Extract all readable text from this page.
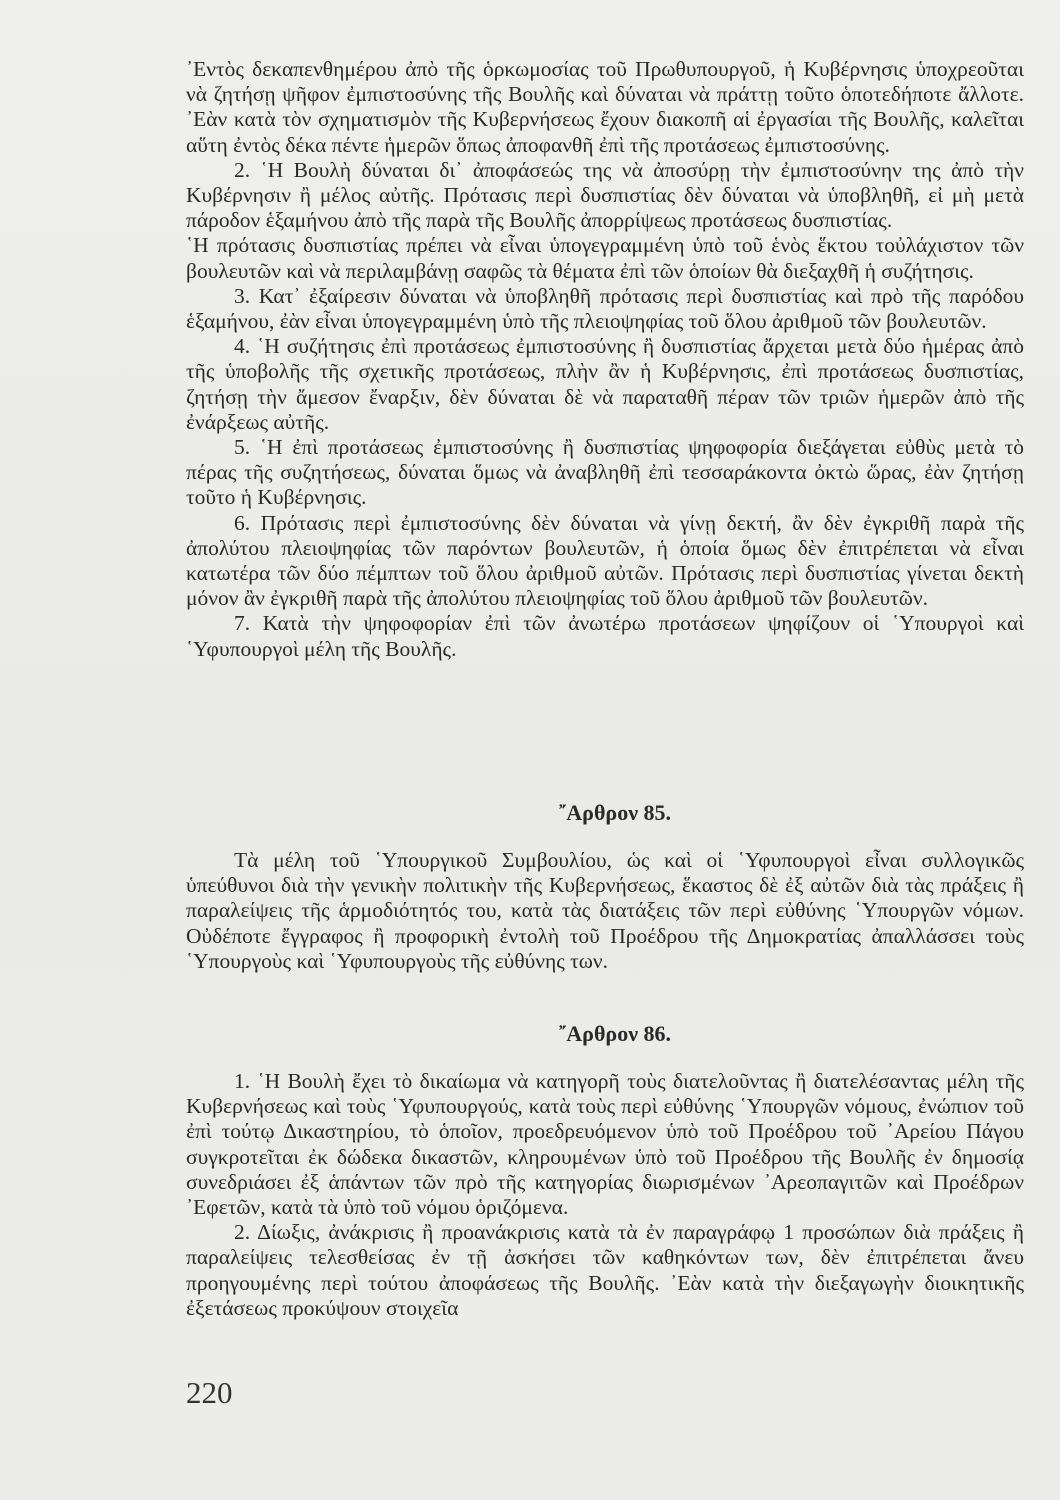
᾿Εντὸς δεκαπενθημέρου ἀπὸ τῆς ὁρκωμοσίας τοῦ Πρωθυπουργοῦ, ἡ Κυβέρνησις ὑποχρεοῦται νὰ ζητήσῃ ψῆφον ἐμπιστοσύνης τῆς Βουλῆς καὶ δύναται νὰ πράττῃ τοῦτο ὁποτεδήποτε ἄλλοτε. ᾿Εὰν κατὰ τὸν σχηματισμὸν τῆς Κυβερνήσεως ἔχουν διακοπῆ αἱ ἐργασίαι τῆς Βουλῆς, καλεῖται αὕτη ἐντὸς δέκα πέντε ἡμερῶν ὅπως ἀποφανθῆ ἐπὶ τῆς προτάσεως ἐμπιστοσύνης.

2. ῾Η Βουλὴ δύναται δι᾿ ἀποφάσεώς της νὰ ἀποσύρῃ τὴν ἐμπιστοσύνην της ἀπὸ τὴν Κυβέρνησιν ἢ μέλος αὐτῆς. Πρότασις περὶ δυσπιστίας δὲν δύναται νὰ ὑποβληθῆ, εἰ μὴ μετὰ πάροδον ἑξαμήνου ἀπὸ τῆς παρὰ τῆς Βουλῆς ἀπορρίψεως προτάσεως δυσπιστίας.

῾Η πρότασις δυσπιστίας πρέπει νὰ εἶναι ὑπογεγραμμένη ὑπὸ τοῦ ἑνὸς ἕκτου τοὐλάχιστον τῶν βουλευτῶν καὶ νὰ περιλαμβάνῃ σαφῶς τὰ θέματα ἐπὶ τῶν ὁποίων θὰ διεξαχθῆ ἡ συζήτησις.

3. Κατ᾿ ἐξαίρεσιν δύναται νὰ ὑποβληθῆ πρότασις περὶ δυσπιστίας καὶ πρὸ τῆς παρόδου ἑξαμήνου, ἐὰν εἶναι ὑπογεγραμμένη ὑπὸ τῆς πλειοψηφίας τοῦ ὅλου ἀριθμοῦ τῶν βουλευτῶν.

4. ῾Η συζήτησις ἐπὶ προτάσεως ἐμπιστοσύνης ἢ δυσπιστίας ἄρχεται μετὰ δύο ἡμέρας ἀπὸ τῆς ὑποβολῆς τῆς σχετικῆς προτάσεως, πλὴν ἂν ἡ Κυβέρνησις, ἐπὶ προτάσεως δυσπιστίας, ζητήσῃ τὴν ἄμεσον ἔναρξιν, δὲν δύναται δὲ νὰ παραταθῆ πέραν τῶν τριῶν ἡμερῶν ἀπὸ τῆς ἐνάρξεως αὐτῆς.

5. ῾Η ἐπὶ προτάσεως ἐμπιστοσύνης ἢ δυσπιστίας ψηφοφορία διεξάγεται εὐθὺς μετὰ τὸ πέρας τῆς συζητήσεως, δύναται ὅμως νὰ ἀναβληθῆ ἐπὶ τεσσαράκοντα ὀκτὼ ὥρας, ἐὰν ζητήσῃ τοῦτο ἡ Κυβέρνησις.

6. Πρότασις περὶ ἐμπιστοσύνης δὲν δύναται νὰ γίνῃ δεκτή, ἂν δὲν ἐγκριθῆ παρὰ τῆς ἀπολύτου πλειοψηφίας τῶν παρόντων βουλευτῶν, ἡ ὁποία ὅμως δὲν ἐπιτρέπεται νὰ εἶναι κατωτέρα τῶν δύο πέμπτων τοῦ ὅλου ἀριθμοῦ αὐτῶν. Πρότασις περὶ δυσπιστίας γίνεται δεκτὴ μόνον ἂν ἐγκριθῆ παρὰ τῆς ἀπολύτου πλειοψηφίας τοῦ ὅλου ἀριθμοῦ τῶν βουλευτῶν.

7. Κατὰ τὴν ψηφοφορίαν ἐπὶ τῶν ἀνωτέρω προτάσεων ψηφίζουν οἱ ῾Υπουργοὶ καὶ ῾Υφυπουργοὶ μέλη τῆς Βουλῆς.

῎Αρθρον 85.

Τὰ μέλη τοῦ ῾Υπουργικοῦ Συμβουλίου, ὡς καὶ οἱ ῾Υφυπουργοὶ εἶναι συλλογικῶς ὑπεύθυνοι διὰ τὴν γενικὴν πολιτικὴν τῆς Κυβερνήσεως, ἕκαστος δὲ ἐξ αὐτῶν διὰ τὰς πράξεις ἢ παραλείψεις τῆς ἁρμοδιότητός του, κατὰ τὰς διατάξεις τῶν περὶ εὐθύνης ῾Υπουργῶν νόμων. Οὐδέποτε ἔγγραφος ἢ προφορικὴ ἐντολὴ τοῦ Προέδρου τῆς Δημοκρατίας ἀπαλλάσσει τοὺς ῾Υπουργοὺς καὶ ῾Υφυπουργοὺς τῆς εὐθύνης των.

῎Αρθρον 86.

1. ῾Η Βουλὴ ἔχει τὸ δικαίωμα νὰ κατηγορῆ τοὺς διατελοῦντας ἢ διατελέσαντας μέλη τῆς Κυβερνήσεως καὶ τοὺς ῾Υφυπουργούς, κατὰ τοὺς περὶ εὐθύνης ῾Υπουργῶν νόμους, ἐνώπιον τοῦ ἐπὶ τούτῳ Δικαστηρίου, τὸ ὁποῖον, προεδρευόμενον ὑπὸ τοῦ Προέδρου τοῦ ᾿Αρείου Πάγου συγκροτεῖται ἐκ δώδεκα δικαστῶν, κληρουμένων ὑπὸ τοῦ Προέδρου τῆς Βουλῆς ἐν δημοσίᾳ συνεδριάσει ἐξ ἁπάντων τῶν πρὸ τῆς κατηγορίας διωρισμένων ᾿Αρεοπαγιτῶν καὶ Προέδρων ᾿Εφετῶν, κατὰ τὰ ὑπὸ τοῦ νόμου ὁριζόμενα.

2. Δίωξις, ἀνάκρισις ἢ προανάκρισις κατὰ τὰ ἐν παραγράφῳ 1 προσώπων διὰ πράξεις ἢ παραλείψεις τελεσθείσας ἐν τῇ ἀσκήσει τῶν καθηκόντων των, δὲν ἐπιτρέπεται ἄνευ προηγουμένης περὶ τούτου ἀποφάσεως τῆς Βουλῆς. ᾿Εὰν κατὰ τὴν διεξαγωγὴν διοικητικῆς ἐξετάσεως προκύψουν στοιχεῖα

220
